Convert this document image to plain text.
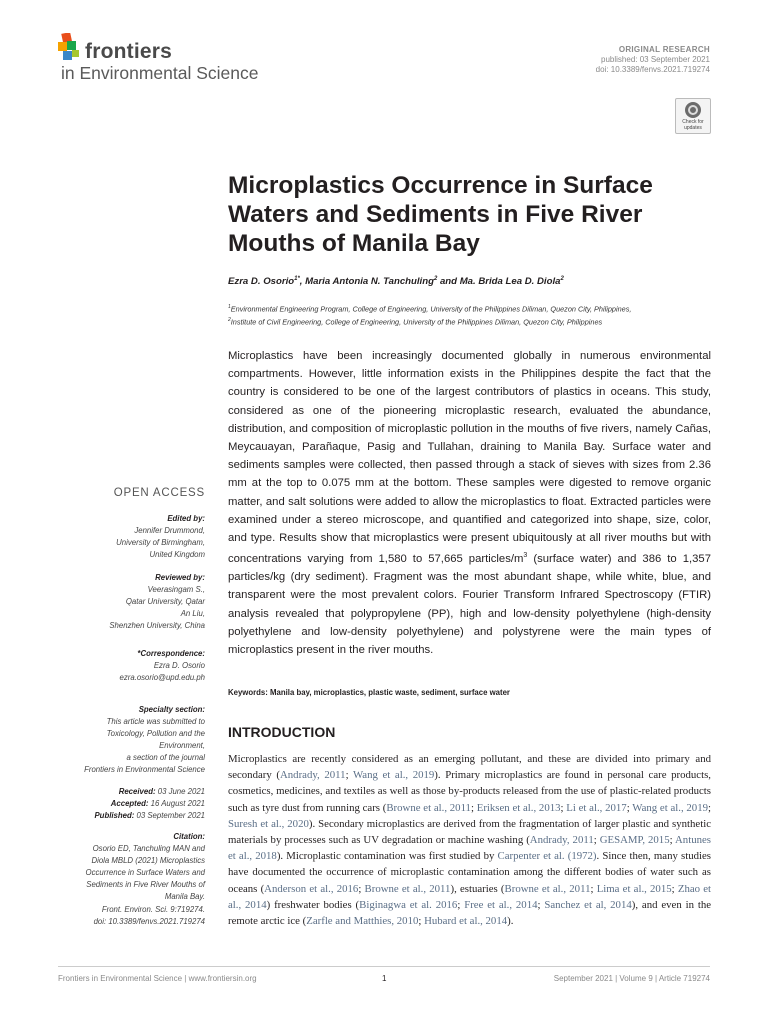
frontiers
in Environmental Science
ORIGINAL RESEARCH
published: 03 September 2021
doi: 10.3389/fenvs.2021.719274
Check for updates
Microplastics Occurrence in Surface Waters and Sediments in Five River Mouths of Manila Bay
Ezra D. Osorio$^{1*}$, Maria Antonia N. Tanchuling$^2$ and Ma. Brida Lea D. Diola$^2$
$^1$Environmental Engineering Program, College of Engineering, University of the Philippines Diliman, Quezon City, Philippines,
$^2$Institute of Civil Engineering, College of Engineering, University of the Philippines Diliman, Quezon City, Philippines
Microplastics have been increasingly documented globally in numerous environmental compartments. However, little information exists in the Philippines despite the fact that the country is considered to be one of the largest contributors of plastics in oceans. This study, considered as one of the pioneering microplastic research, evaluated the abundance, distribution, and composition of microplastic pollution in the mouths of five rivers, namely Cañas, Meycauayan, Parañaque, Pasig and Tullahan, draining to Manila Bay. Surface water and sediments samples were collected, then passed through a stack of sieves with sizes from 2.36 mm at the top to 0.075 mm at the bottom. These samples were digested to remove organic matter, and salt solutions were added to allow the microplastics to float. Extracted particles were examined under a stereo microscope, and quantified and categorized into shape, size, color, and type. Results show that microplastics were present ubiquitously at all river mouths but with concentrations varying from 1,580 to 57,665 particles/$m^3$ (surface water) and 386 to 1,357 particles/kg (dry sediment). Fragment was the most abundant shape, while white, blue, and transparent were the most prevalent colors. Fourier Transform Infrared Spectroscopy (FTIR) analysis revealed that polypropylene (PP), high and low-density polyethylene (high-density polyethylene and low-density polyethylene) and polystyrene were the main types of microplastics present in the river mouths.
Keywords: Manila bay, microplastics, plastic waste, sediment, surface water
INTRODUCTION
Microplastics are recently considered as an emerging pollutant, and these are divided into primary and secondary (Andrady, 2011; Wang et al., 2019). Primary microplastics are found in personal care products, cosmetics, medicines, and textiles as well as those by-products released from the use of plastic-related products such as tyre dust from running cars (Browne et al., 2011; Eriksen et al., 2013; Li et al., 2017; Wang et al., 2019; Suresh et al., 2020). Secondary microplastics are derived from the fragmentation of larger plastic and synthetic materials by processes such as UV degradation or machine washing (Andrady, 2011; GESAMP, 2015; Antunes et al., 2018). Microplastic contamination was first studied by Carpenter et al. (1972). Since then, many studies have documented the occurrence of microplastic contamination among the different bodies of water such as oceans (Anderson et al., 2016; Browne et al., 2011), estuaries (Browne et al., 2011; Lima et al., 2015; Zhao et al., 2014) freshwater bodies (Biginagwa et al. 2016; Free et al., 2014; Sanchez et al, 2014), and even in the remote arctic ice (Zarfle and Matthies, 2010; Hubard et al., 2014).
OPEN ACCESS
Edited by:
Jennifer Drummond,
University of Birmingham,
United Kingdom
Reviewed by:
Veerasingam S.,
Qatar University, Qatar
An Liu,
Shenzhen University, China
*Correspondence:
Ezra D. Osorio
ezra.osorio@upd.edu.ph
Specialty section:
This article was submitted to
Toxicology, Pollution and the
Environment,
a section of the journal
Frontiers in Environmental Science
Received: 03 June 2021
Accepted: 16 August 2021
Published: 03 September 2021
Citation:
Osorio ED, Tanchuling MAN and
Diola MBLD (2021) Microplastics
Occurrence in Surface Waters and
Sediments in Five River Mouths of
Manila Bay.
Front. Environ. Sci. 9:719274.
doi: 10.3389/fenvs.2021.719274
Frontiers in Environmental Science | www.frontiersin.org	1	September 2021 | Volume 9 | Article 719274
